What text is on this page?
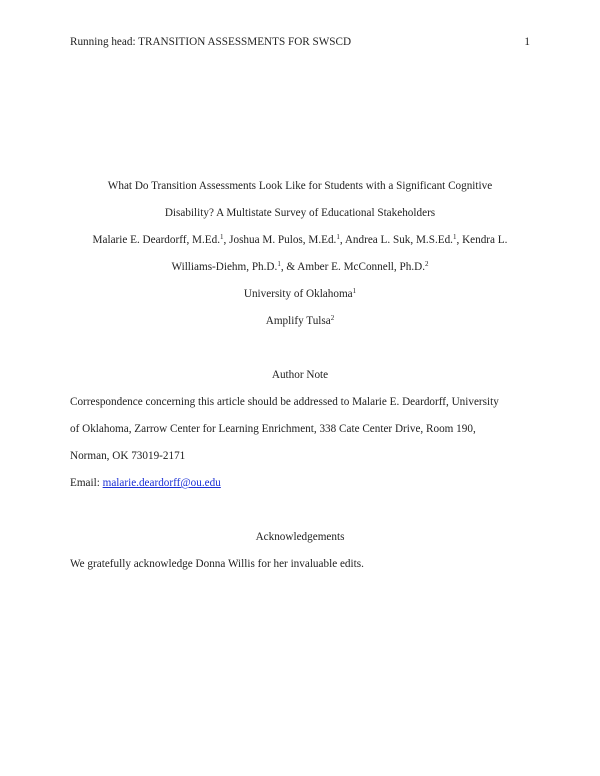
Running head: TRANSITION ASSESSMENTS FOR SWSCD	1
What Do Transition Assessments Look Like for Students with a Significant Cognitive
Disability? A Multistate Survey of Educational Stakeholders
Malarie E. Deardorff, M.Ed.$^1$, Joshua M. Pulos, M.Ed.$^1$, Andrea L. Suk, M.S.Ed.$^1$, Kendra L.
Williams-Diehm, Ph.D.$^1$, & Amber E. McConnell, Ph.D.$^2$
University of Oklahoma$^1$
Amplify Tulsa$^2$
Author Note
Correspondence concerning this article should be addressed to Malarie E. Deardorff, University
of Oklahoma, Zarrow Center for Learning Enrichment, 338 Cate Center Drive, Room 190,
Norman, OK 73019-2171
Email: malarie.deardorff@ou.edu
Acknowledgements
We gratefully acknowledge Donna Willis for her invaluable edits.
